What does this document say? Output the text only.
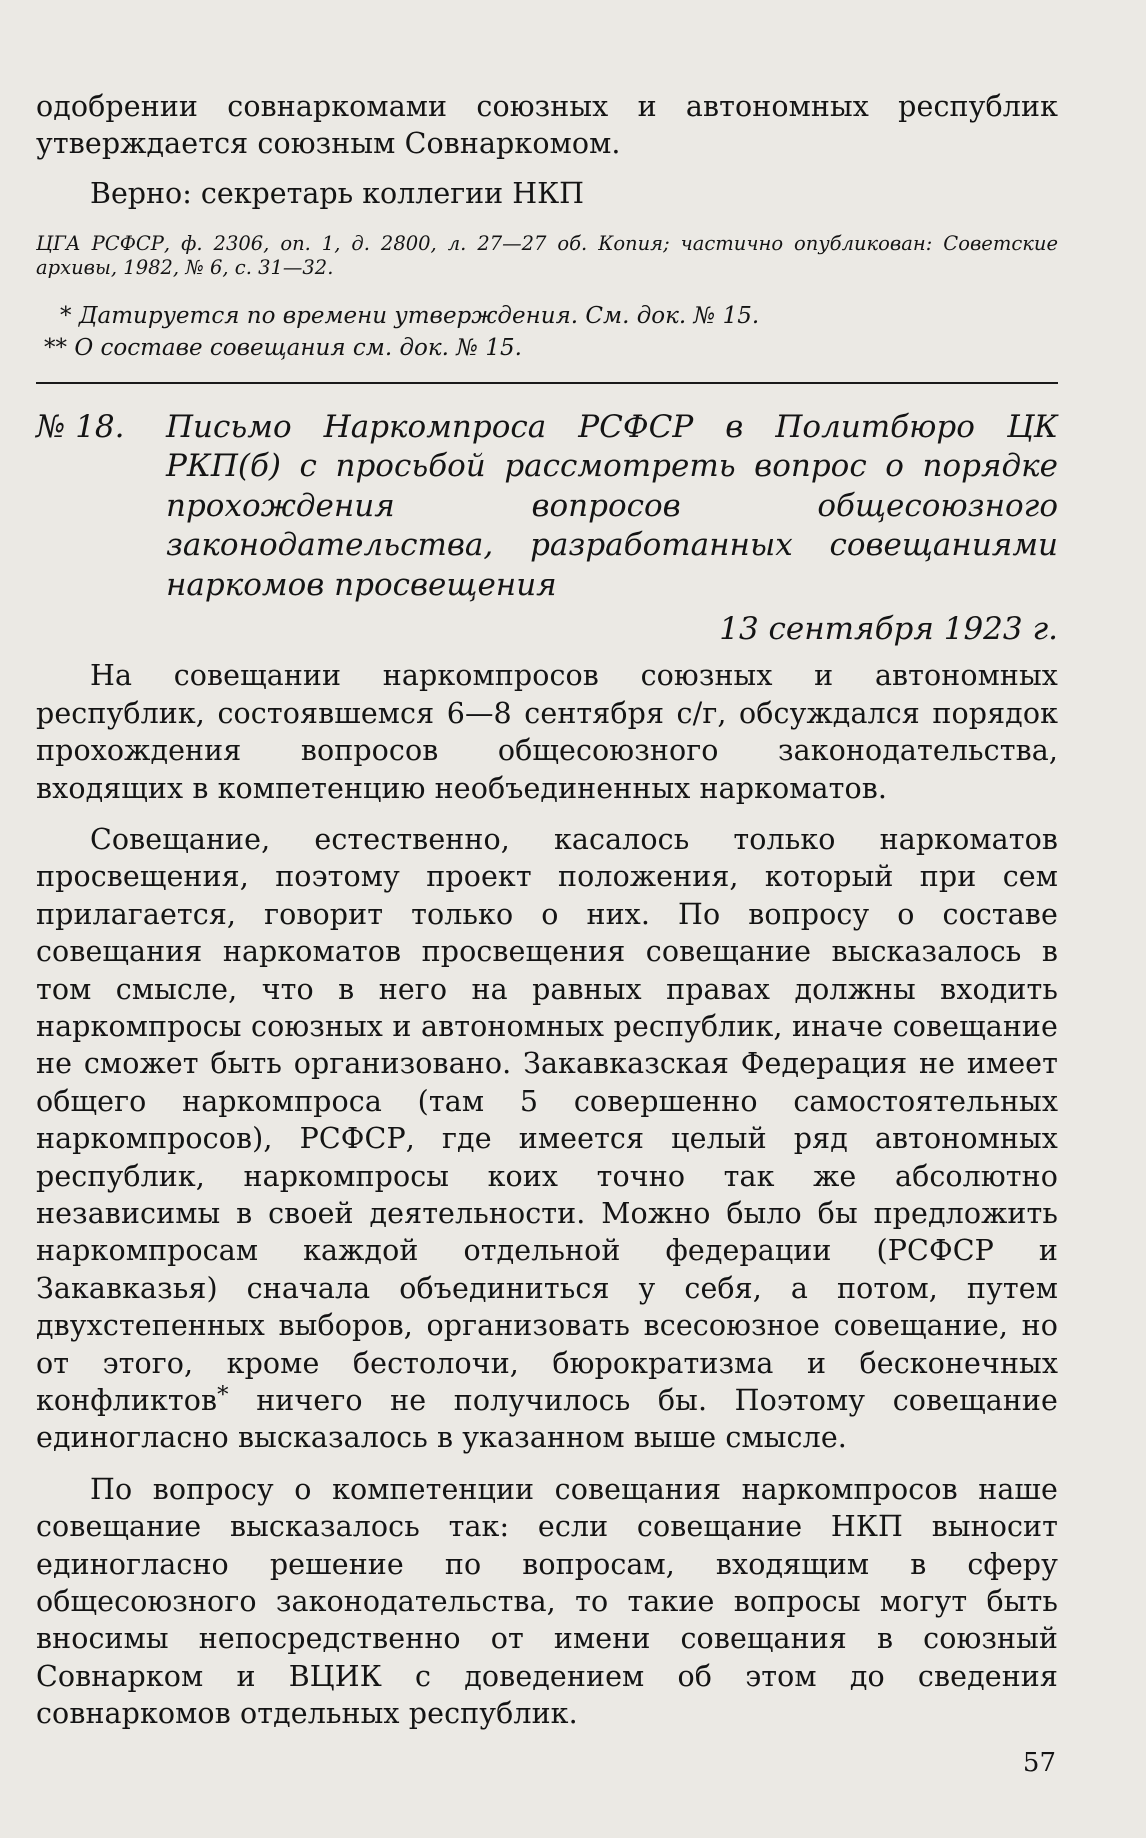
одобрении совнаркомами союзных и автономных республик утверждается союзным Совнаркомом.

Верно: секретарь коллегии НКП
ЦГА РСФСР, ф. 2306, оп. 1, д. 2800, л. 27—27 об. Копия; частично опубликован: Советские архивы, 1982, № 6, с. 31—32.
* Датируется по времени утверждения. См. док. № 15.
** О составе совещания см. док. № 15.
№ 18.	Письмо Наркомпроса РСФСР в Политбюро ЦК РКП(б) с просьбой рассмотреть вопрос о порядке прохождения вопросов общесоюзного законодательства, разработанных совещаниями наркомов просвещения
13 сентября 1923 г.

На совещании наркомпросов союзных и автономных республик, состоявшемся 6—8 сентября с/г, обсуждался порядок прохождения вопросов общесоюзного законодательства, входящих в компетенцию необъединенных наркоматов.

Совещание, естественно, касалось только наркоматов просвещения, поэтому проект положения, который при сем прилагается, говорит только о них. По вопросу о составе совещания наркоматов просвещения совещание высказалось в том смысле, что в него на равных правах должны входить наркомпросы союзных и автономных республик, иначе совещание не сможет быть организовано. Закавказская Федерация не имеет общего наркомпроса (там 5 совершенно самостоятельных наркомпросов), РСФСР, где имеется целый ряд автономных республик, наркомпросы коих точно так же абсолютно независимы в своей деятельности. Можно было бы предложить наркомпросам каждой отдельной федерации (РСФСР и Закавказья) сначала объединиться у себя, а потом, путем двухстепенных выборов, организовать всесоюзное совещание, но от этого, кроме бестолочи, бюрократизма и бесконечных конфликтов* ничего не получилось бы. Поэтому совещание единогласно высказалось в указанном выше смысле.

По вопросу о компетенции совещания наркомпросов наше совещание высказалось так: если совещание НКП выносит единогласно решение по вопросам, входящим в сферу общесоюзного законодательства, то такие вопросы могут быть вносимы непосредственно от имени совещания в союзный Совнарком и ВЦИК с доведением об этом до сведения совнаркомов отдельных республик.

57
